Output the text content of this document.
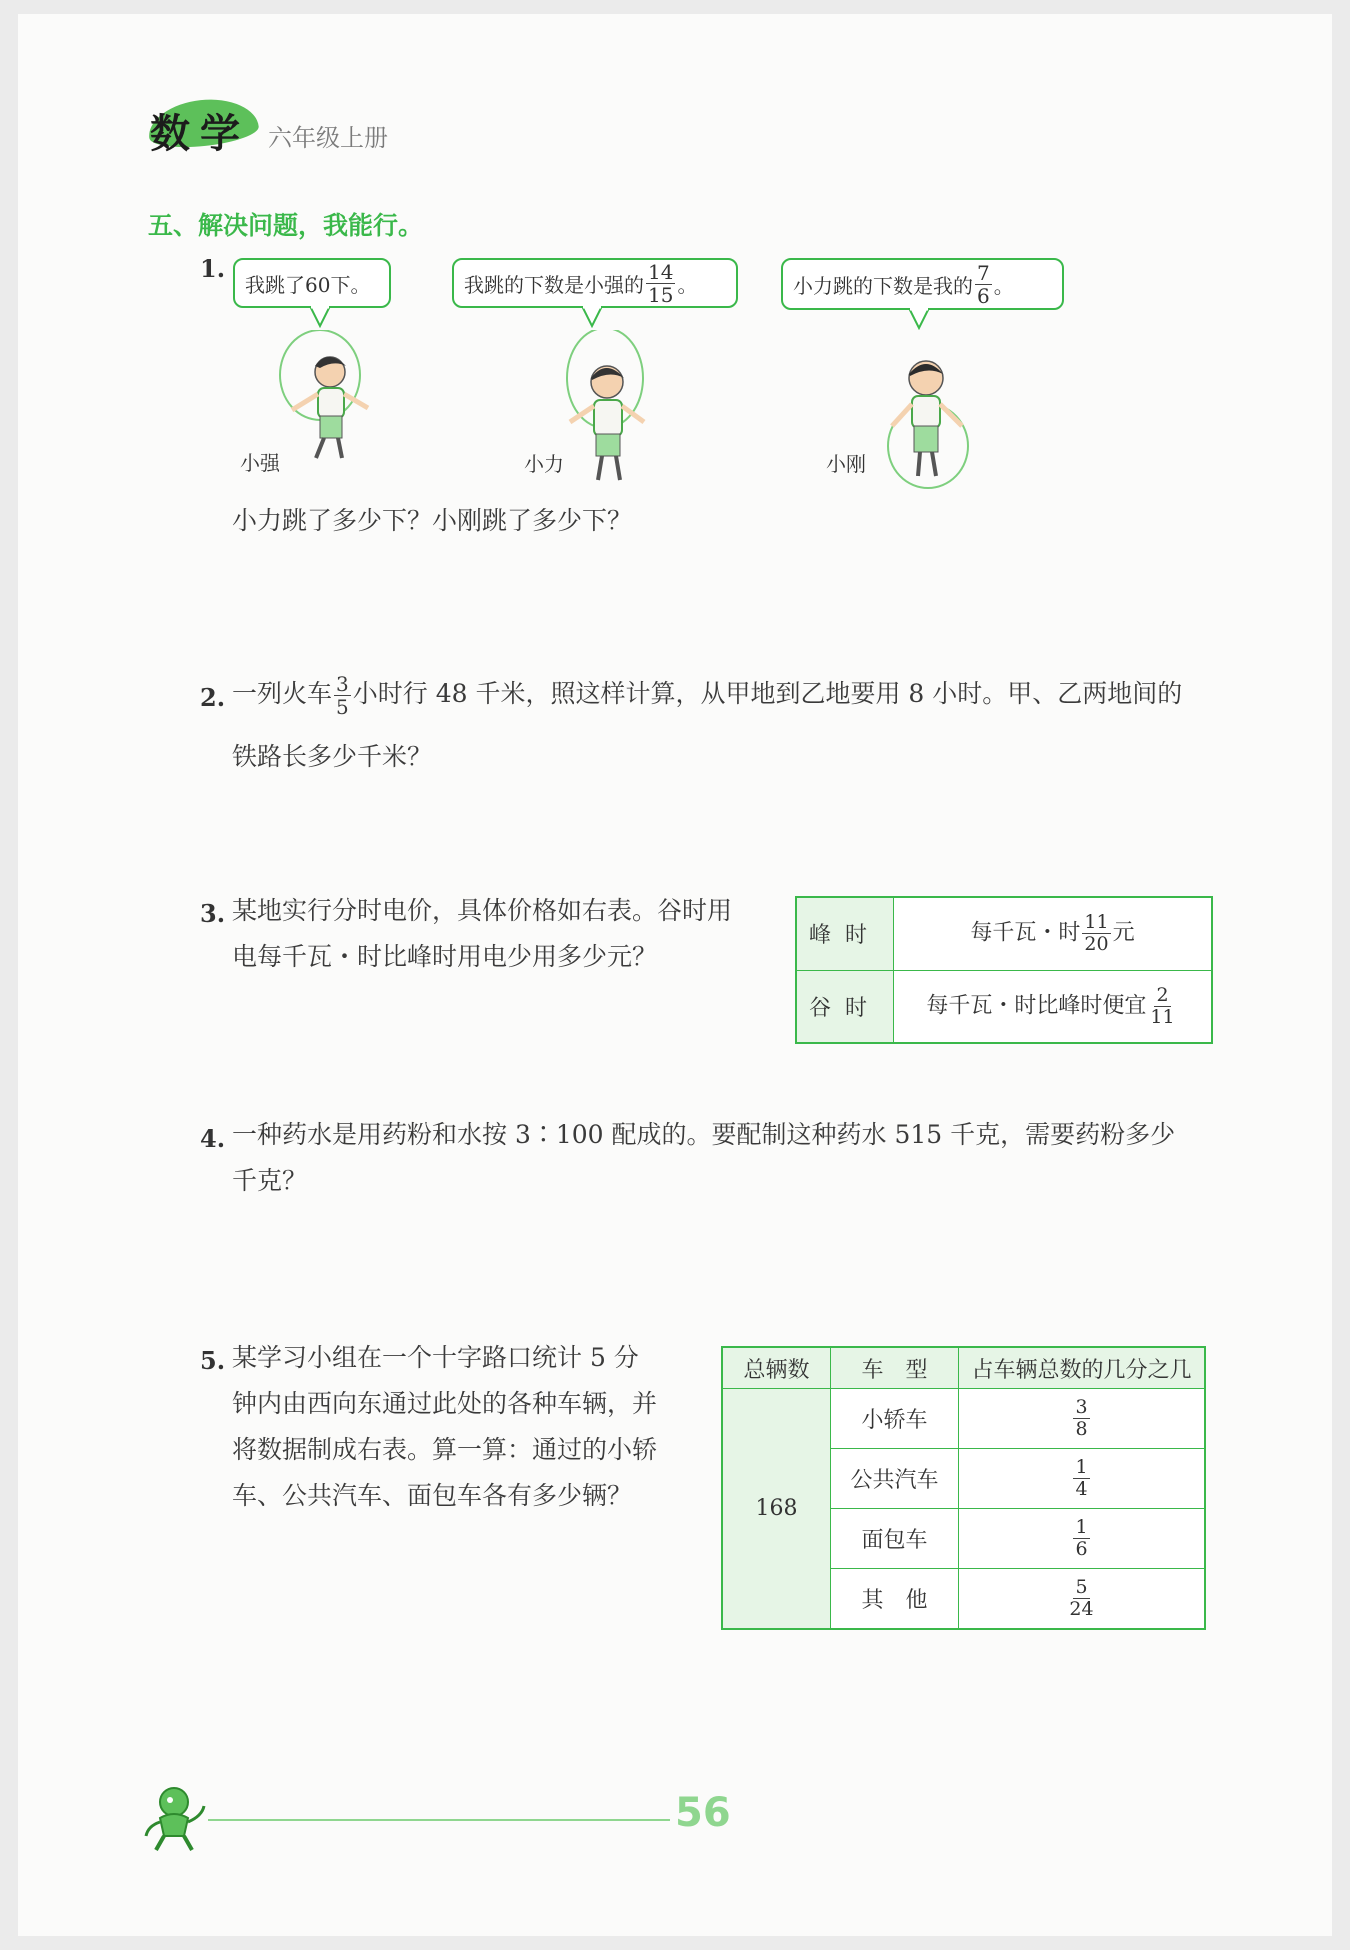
数学 六年级上册
五、解决问题，我能行。
1.
我跳了60下。	我跳的下数是小强的 $\frac{14}{15}$ 。	小力跳的下数是我的 $\frac{7}{6}$ 。
小强	小力	小刚
小力跳了多少下？小刚跳了多少下？
2. 一列火车 $\frac{3}{5}$ 小时行 48 千米，照这样计算，从甲地到乙地要用 8 小时。甲、乙两地间的
铁路长多少千米？
3. 某地实行分时电价，具体价格如右表。谷时用
电每千瓦・时比峰时用电少用多少元？
峰时	每千瓦・时 $\frac{11}{20}$ 元
谷时	每千瓦・时比峰时便宜 $\frac{2}{11}$
4. 一种药水是用药粉和水按 3∶100 配成的。要配制这种药水 515 千克，需要药粉多少
千克？
5. 某学习小组在一个十字路口统计 5 分
钟内由西向东通过此处的各种车辆，并
将数据制成右表。算一算：通过的小轿
车、公共汽车、面包车各有多少辆？
总辆数	车　型	占车辆总数的几分之几
168	小轿车	$\frac{3}{8}$

	公共汽车	$\frac{1}{4}$

	面包车	$\frac{1}{6}$

	其　他	$\frac{5}{24}$
56
